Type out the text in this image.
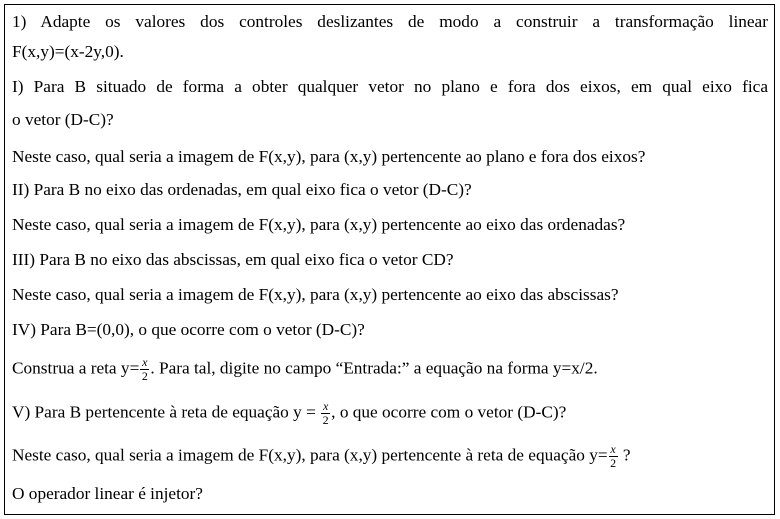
1) Adapte os valores dos controles deslizantes de modo a construir a transformação linear
F(x,y)=(x-2y,0).
I) Para B situado de forma a obter qualquer vetor no plano e fora dos eixos, em qual eixo fica
o vetor (D-C)?
Neste caso, qual seria a imagem de F(x,y), para (x,y) pertencente ao plano e fora dos eixos?
II) Para B no eixo das ordenadas, em qual eixo fica o vetor (D-C)?
Neste caso, qual seria a imagem de F(x,y), para (x,y) pertencente ao eixo das ordenadas?
III) Para B no eixo das abscissas, em qual eixo fica o vetor CD?
Neste caso, qual seria a imagem de F(x,y), para (x,y) pertencente ao eixo das abscissas?
IV) Para B=(0,0), o que ocorre com o vetor (D-C)?
Construa a reta $y= \frac{x}{2}$ . Para tal, digite no campo “Entrada:” a equação na forma y=x/2.
V) Para B pertencente à reta de equação $y = \frac{x}{2}$ , o que ocorre com o vetor (D-C)?
Neste caso, qual seria a imagem de F(x,y), para (x,y) pertencente à reta de equação $y= \frac{x}{2}$ ?
O operador linear é injetor?
